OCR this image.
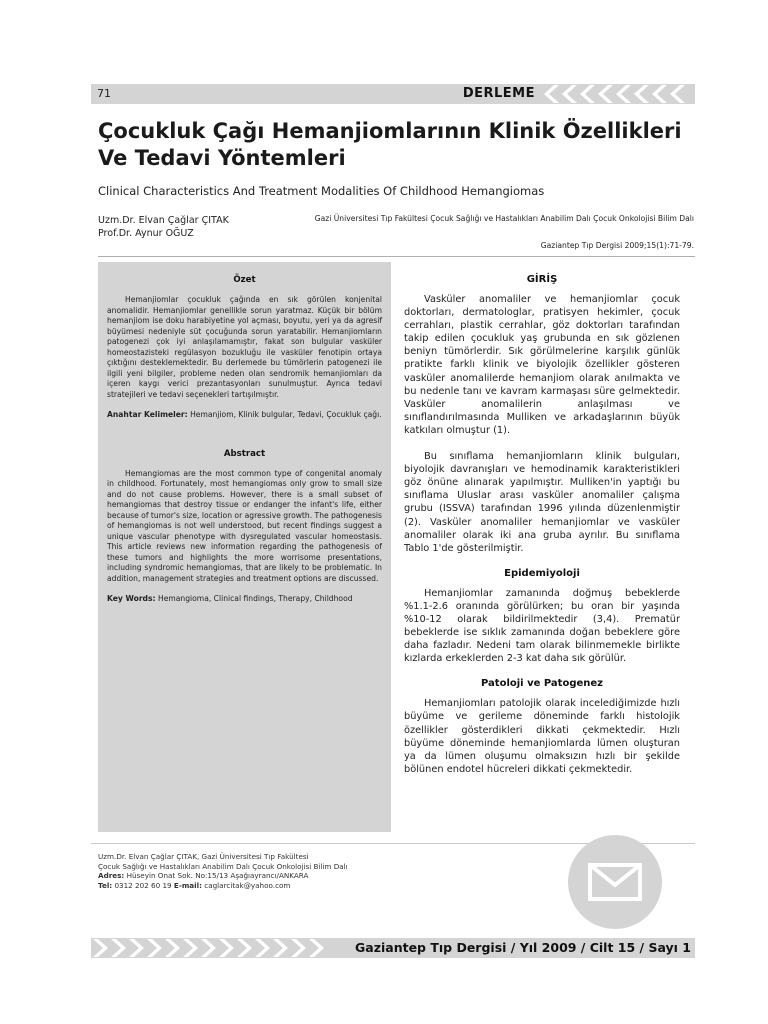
71	DERLEME
Çocukluk Çağı Hemanjiomlarının Klinik Özellikleri
Ve Tedavi Yöntemleri
Clinical Characteristics And Treatment Modalities Of Childhood Hemangiomas
Uzm.Dr. Elvan Çağlar ÇITAK
Prof.Dr. Aynur OĞUZ
Gazi Üniversitesi Tıp Fakültesi Çocuk Sağlığı ve Hastalıkları Anabilim Dalı Çocuk Onkolojisi Bilim Dalı
Gaziantep Tıp Dergisi 2009;15(1):71-79.
Özet

Hemanjiomlar çocukluk çağında en sık görülen konjenital anomalidir. Hemanjiomlar genellikle sorun yaratmaz. Küçük bir bölüm hemanjiom ise doku harabiyetine yol açması, boyutu, yeri ya da agresif büyümesi nedeniyle süt çocuğunda sorun yaratabilir. Hemanjiomların patogenezi çok iyi anlaşılamamıştır, fakat son bulgular vasküler homeostazisteki regülasyon bozukluğu ile vasküler fenotipin ortaya çıktığını desteklemektedir. Bu derlemede bu tümörlerin patogenezi ile ilgili yeni bilgiler, probleme neden olan sendromik hemanjiomları da içeren kaygı verici prezantasyonları sunulmuştur. Ayrıca tedavi stratejileri ve tedavi seçenekleri tartışılmıştır.

Anahtar Kelimeler: Hemanjiom, Klinik bulgular, Tedavi, Çocukluk çağı.

Abstract

Hemangiomas are the most common type of congenital anomaly in childhood. Fortunately, most hemangiomas only grow to small size and do not cause problems. However, there is a small subset of hemangiomas that destroy tissue or endanger the infant's life, either because of tumor's size, location or agressive growth. The pathogenesis of hemangiomas is not well understood, but recent findings suggest a unique vascular phenotype with dysregulated vascular homeostasis. This article reviews new information regarding the pathogenesis of these tumors and highlights the more worrisome presentations, including syndromic hemangiomas, that are likely to be problematic. In addition, management strategies and treatment options are discussed.

Key Words: Hemangioma, Clinical findings, Therapy, Childhood

GİRİŞ

Vasküler anomaliler ve hemanjiomlar çocuk doktorları, dermatologlar, pratisyen hekimler, çocuk cerrahları, plastik cerrahlar, göz doktorları tarafından takip edilen çocukluk yaş grubunda en sık gözlenen beniyn tümörlerdir. Sık görülmelerine karşılık günlük pratikte farklı klinik ve biyolojik özellikler gösteren vasküler anomalilerde hemanjiom olarak anılmakta ve bu nedenle tanı ve kavram karmaşası süre gelmektedir. Vasküler anomalilerin anlaşılması ve sınıflandırılmasında Mulliken ve arkadaşlarının büyük katkıları olmuştur (1).

Bu sınıflama hemanjiomların klinik bulguları, biyolojik davranışları ve hemodinamik karakteristikleri göz önüne alınarak yapılmıştır. Mulliken'in yaptığı bu sınıflama Uluslar arası vasküler anomaliler çalışma grubu (ISSVA) tarafından 1996 yılında düzenlenmiştir (2). Vasküler anomaliler hemanjiomlar ve vasküler anomaliler olarak iki ana gruba ayrılır. Bu sınıflama Tablo 1'de gösterilmiştir.

Epidemiyoloji

Hemanjiomlar zamanında doğmuş bebeklerde %1.1-2.6 oranında görülürken; bu oran bir yaşında %10-12 olarak bildirilmektedir (3,4). Prematür bebeklerde ise sıklık zamanında doğan bebeklere göre daha fazladır. Nedeni tam olarak bilinmemekle birlikte kızlarda erkeklerden 2-3 kat daha sık görülür.

Patoloji ve Patogenez

Hemanjiomları patolojik olarak incelediğimizde hızlı büyüme ve gerileme döneminde farklı histolojik özellikler gösterdikleri dikkati çekmektedir. Hızlı büyüme döneminde hemanjiomlarda lümen oluşturan ya da lümen oluşumu olmaksızın hızlı bir şekilde bölünen endotel hücreleri dikkati çekmektedir.

Uzm.Dr. Elvan Çağlar ÇITAK, Gazi Üniversitesi Tıp Fakültesi
Çocuk Sağlığı ve Hastalıkları Anabilim Dalı Çocuk Onkolojisi Bilim Dalı
Adres: Hüseyin Onat Sok. No:15/13 Aşağıayrancı/ANKARA
Tel: 0312 202 60 19 E-mail: caglarcitak@yahoo.com
Gaziantep Tıp Dergisi / Yıl 2009 / Cilt 15 / Sayı 1
